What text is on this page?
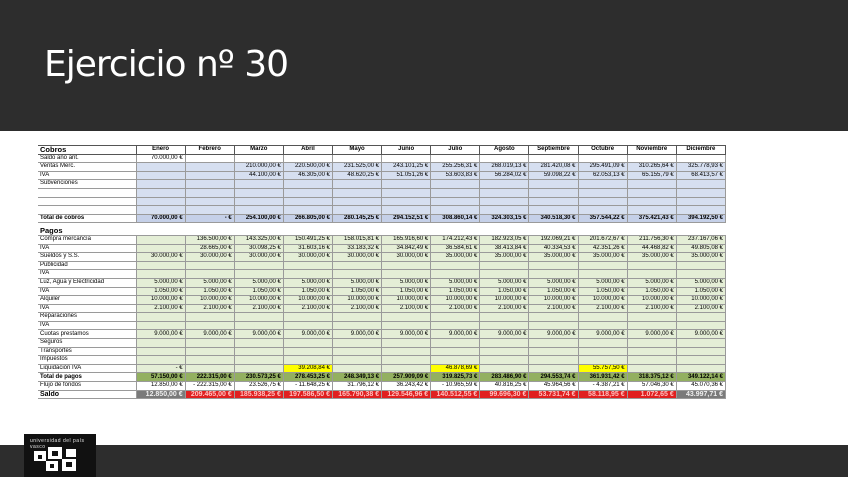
Ejercicio nº 30
Cobros	Enero	Febrero	Marzo	Abril	Mayo	Junio	Julio	Agosto	Septiembre	Octubre	Noviembre	Diciembre
Saldo año ant.	70.000,00 €											
Ventas Merc.			210.000,00 €	220.500,00 €	231.525,00 €	243.101,25 €	255.256,31 €	268.019,13 €	281.420,08 €	295.491,09 €	310.265,64 €	325.778,93 €
IVA			44.100,00 €	46.305,00 €	48.620,25 €	51.051,26 €	53.603,83 €	56.284,02 €	59.098,22 €	62.053,13 €	65.155,79 €	68.413,57 €
Subvenciones												

Total de cobros	70.000,00 €	- €	254.100,00 €	266.805,00 €	280.145,25 €	294.152,51 €	308.860,14 €	324.303,15 €	340.518,30 €	357.544,22 €	375.421,43 €	394.192,50 €

Pagos												
Compra mercancía		136.500,00 €	143.325,00 €	150.491,25 €	158.015,81 €	165.916,60 €	174.212,43 €	182.923,05 €	192.069,21 €	201.672,67 €	211.756,30 €	237.167,06 €
IVA		28.665,00 €	30.098,25 €	31.603,16 €	33.183,32 €	34.842,49 €	36.584,61 €	38.413,84 €	40.334,53 €	42.351,26 €	44.468,82 €	49.805,08 €
Sueldos y S.S.	30.000,00 €	30.000,00 €	30.000,00 €	30.000,00 €	30.000,00 €	30.000,00 €	35.000,00 €	35.000,00 €	35.000,00 €	35.000,00 €	35.000,00 €	35.000,00 €
Publicidad												
IVA												
Luz, Agua y Electricidad	5.000,00 €	5.000,00 €	5.000,00 €	5.000,00 €	5.000,00 €	5.000,00 €	5.000,00 €	5.000,00 €	5.000,00 €	5.000,00 €	5.000,00 €	5.000,00 €
IVA	1.050,00 €	1.050,00 €	1.050,00 €	1.050,00 €	1.050,00 €	1.050,00 €	1.050,00 €	1.050,00 €	1.050,00 €	1.050,00 €	1.050,00 €	1.050,00 €
Alquiler	10.000,00 €	10.000,00 €	10.000,00 €	10.000,00 €	10.000,00 €	10.000,00 €	10.000,00 €	10.000,00 €	10.000,00 €	10.000,00 €	10.000,00 €	10.000,00 €
IVA	2.100,00 €	2.100,00 €	2.100,00 €	2.100,00 €	2.100,00 €	2.100,00 €	2.100,00 €	2.100,00 €	2.100,00 €	2.100,00 €	2.100,00 €	2.100,00 €
Reparaciones												
IVA												
Cuotas prestamos	9.000,00 €	9.000,00 €	9.000,00 €	9.000,00 €	9.000,00 €	9.000,00 €	9.000,00 €	9.000,00 €	9.000,00 €	9.000,00 €	9.000,00 €	9.000,00 €
Seguros												
Transportes												
Impuestos												
Liquidación IVA	- €			39.208,84 €			46.878,69 €			55.757,50 €		
Total de pagos	57.150,00 €	222.315,00 €	230.573,25 €	278.453,25 €	248.349,13 €	257.909,09 €	319.825,73 €	283.486,90 €	294.553,74 €	361.931,42 €	318.375,12 €	349.122,14 €
Flujo de fondos	12.850,00 €	- 222.315,00 €	23.526,75 €	- 11.648,25 €	31.796,12 €	36.243,42 €	- 10.965,59 €	40.816,25 €	45.964,56 €	- 4.387,21 €	57.046,30 €	45.070,36 €
Saldo	12.850,00 €	209.465,00 €	185.938,25 €	197.586,50 €	165.790,38 €	129.546,96 €	140.512,55 €	99.696,30 €	53.731,74 €	58.118,95 €	1.072,65 €	43.997,71 €
universidad del país vasco
